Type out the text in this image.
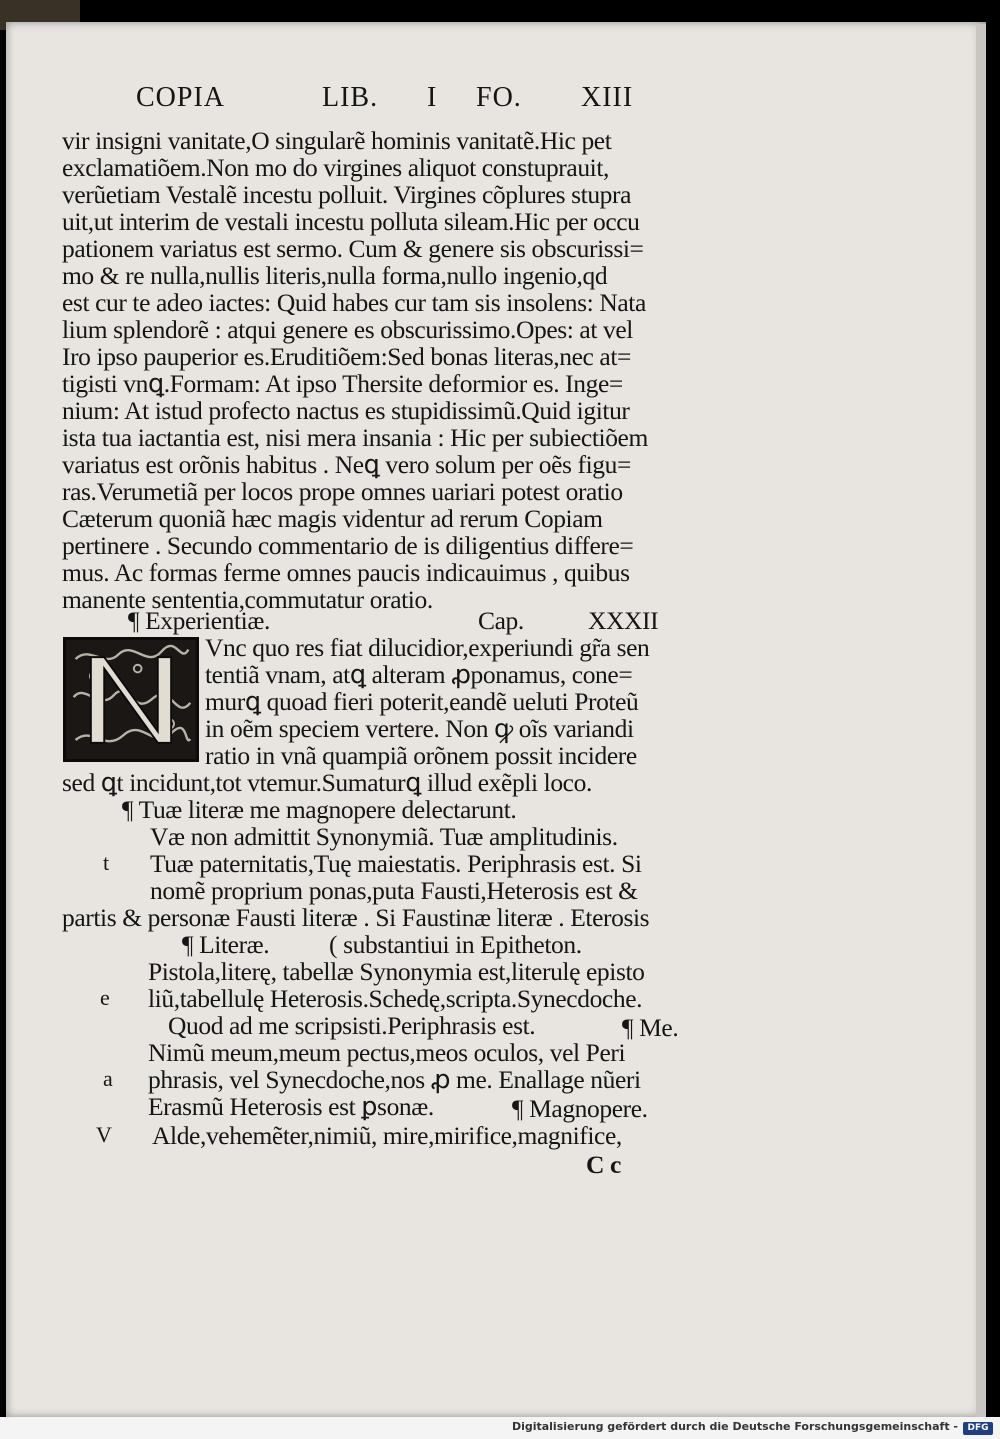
COPIA	LIB. I FO. XIII
vir insigni vanitate,O singularẽ hominis vanitatẽ.Hic pet
exclamatiõem.Non mo do virgines aliquot constuprauit,
verũetiam Vestalẽ incestu polluit. Virgines cõplures stupra
uit,ut interim de vestali incestu polluta sileam.Hic per occu
pationem variatus est sermo. Cum & genere sis obscurissi=
mo & re nulla,nullis literis,nulla forma,nullo ingenio,qd
est cur te adeo iactes: Quid habes cur tam sis insolens: Nata
lium splendorẽ : atqui genere es obscurissimo.Opes: at vel
Iro ipso pauperior es.Eruditiõem:Sed bonas literas,nec at=
tigisti vnꝗ.Formam: At ipso Thersite deformior es. Inge=
nium: At istud profecto nactus es stupidissimũ.Quid igitur
ista tua iactantia est, nisi mera insania : Hic per subiectiõem
variatus est orõnis habitus . Neꝗ vero solum per oẽs figu=
ras.Verumetiã per locos prope omnes uariari potest oratio
Cæterum quoniã hæc magis videntur ad rerum Copiam
pertinere . Secundo commentario de is diligentius differe=
mus. Ac formas ferme omnes paucis indicauimus , quibus
manente sententia,commutatur oratio.
¶ Experientiæ.	Cap.	XXXII
Vnc quo res fiat dilucidior,experiundi gr̃a sen
tentiã vnam, atꝗ alteram ꝓponamus, cone=
murꝗ quoad fieri poterit,eandẽ ueluti Proteũ
in oẽm speciem vertere. Non ꝙ oĩs variandi
ratio in vnã quampiã orõnem possit incidere
sed ꝗt incidunt,tot vtemur.Sumaturꝗ illud exẽpli loco.
¶ Tuæ literæ me magnopere delectarunt.
Væ non admittit Synonymiã. Tuæ amplitudinis.
Tuæ paternitatis,Tuę maiestatis. Periphrasis est. Si
nomẽ proprium ponas,puta Fausti,Heterosis est &
partis & personæ Fausti literæ . Si Faustinæ literæ . Eterosis
¶ Literæ.          ( substantiui in Epitheton.
Pistola,literę, tabellæ Synonymia est,literulę episto
liũ,tabellulę Heterosis.Schedę,scripta.Synecdoche.
Quod ad me scripsisti.Periphrasis est.	¶ Me.
Nimũ meum,meum pectus,meos oculos, vel Peri
phrasis, vel Synecdoche,nos ꝓ me. Enallage nũeri
Erasmũ Heterosis est ꝑsonæ.	¶ Magnopere.
Alde,vehemẽter,nimiũ, mire,mirifice,magnifice,
t
e
a
V
C c
Digitalisierung gefördert durch die Deutsche Forschungsgemeinschaft -	DFG
